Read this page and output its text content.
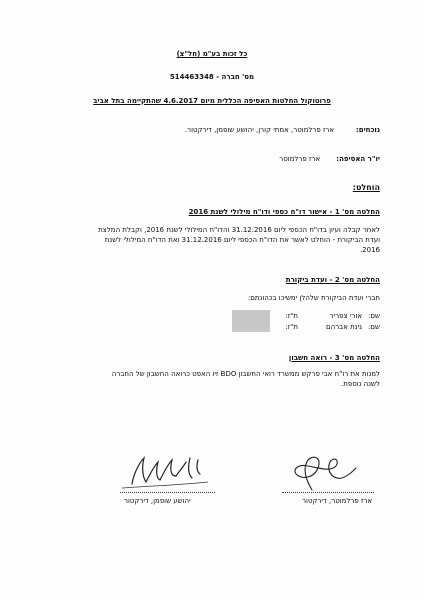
כל זכות בע"מ (חל"צ)
מס' חברה - 514463348
פרוטוקול החלטות האסיפה הכללית מיום 4.6.2017 שהתקיימה בתל אביב
נוכחים:
ארז פרלמוטר, אמתי קורן, יהושע שופמן, דירקטור.
יו"ר האסיפה:
ארז פרלמוטר
הוחלט:
החלטה מס' 1 - אישור דו"ח כספי ודו"ח מילולי לשנת 2016
לאחר קבלה ועיון בדו"ח הכספי ליום 31.12.2016 והדו"ח המילולי לשנת 2016, וקבלת המלצת
ועדת הביקורת - הוחלט לאשר את הדו"ח הכספי ליום 31.12.2016 ואת הדו"ח המילולי לשנת
2016.
החלטה מס' 2 - ועדת ביקורת
חברי ועדת הביקורת שלהלן ימשיכו בכהונתם:
שם:
אורי צפריר
ת"ז:
שם:
גינת אברהם
ת"ז:
החלטה מס' 3 - רואה חשבון
למנות את רו"ח אבי פרקש ממשרד רואי החשבון BDO זיו האפט כרואה החשבון של החברה
לשנה נוספת.
יהושע שופמן, דירקטור	ארז פרלמוטר, דירקטור
